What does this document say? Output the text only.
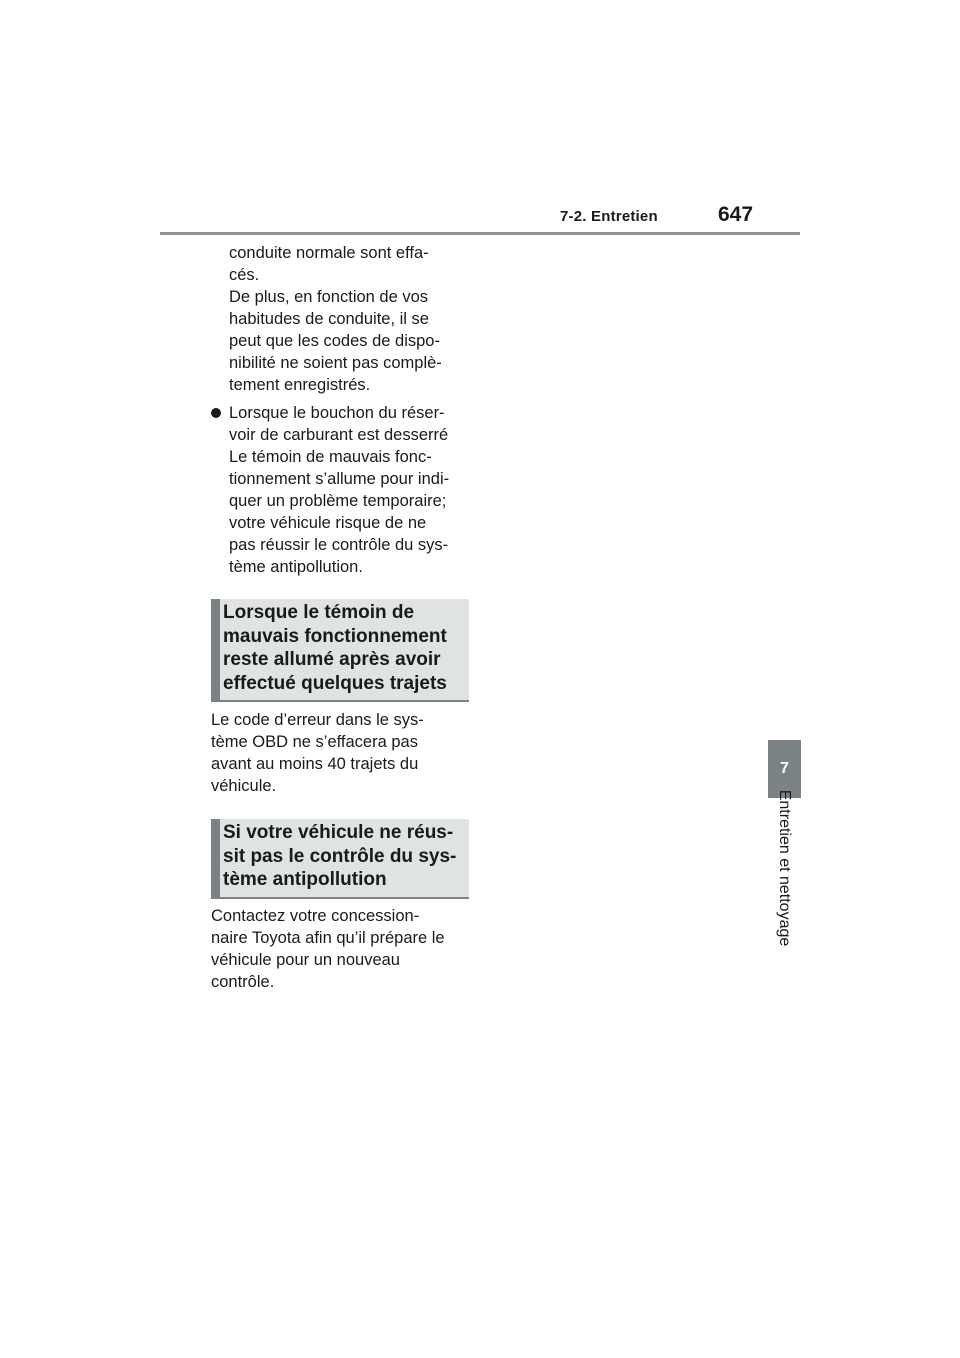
7-2. Entretien	647

conduite normale sont effa-

cés.

De plus, en fonction de vos

habitudes de conduite, il se

peut que les codes de dispo-

nibilité ne soient pas complè-

tement enregistrés.

Lorsque le bouchon du réser-

voir de carburant est desserré

Le témoin de mauvais fonc-

tionnement s’allume pour indi-

quer un problème temporaire;

votre véhicule risque de ne

pas réussir le contrôle du sys-

tème antipollution.

Lorsque le témoin de
mauvais fonctionnement
reste allumé après avoir
effectué quelques trajets

Le code d’erreur dans le sys-

tème OBD ne s’effacera pas

avant au moins 40 trajets du

véhicule.

Si votre véhicule ne réus-
sit pas le contrôle du sys-
tème antipollution

Contactez votre concession-

naire Toyota afin qu’il prépare le

véhicule pour un nouveau

contrôle.

7
Entretien et nettoyage
